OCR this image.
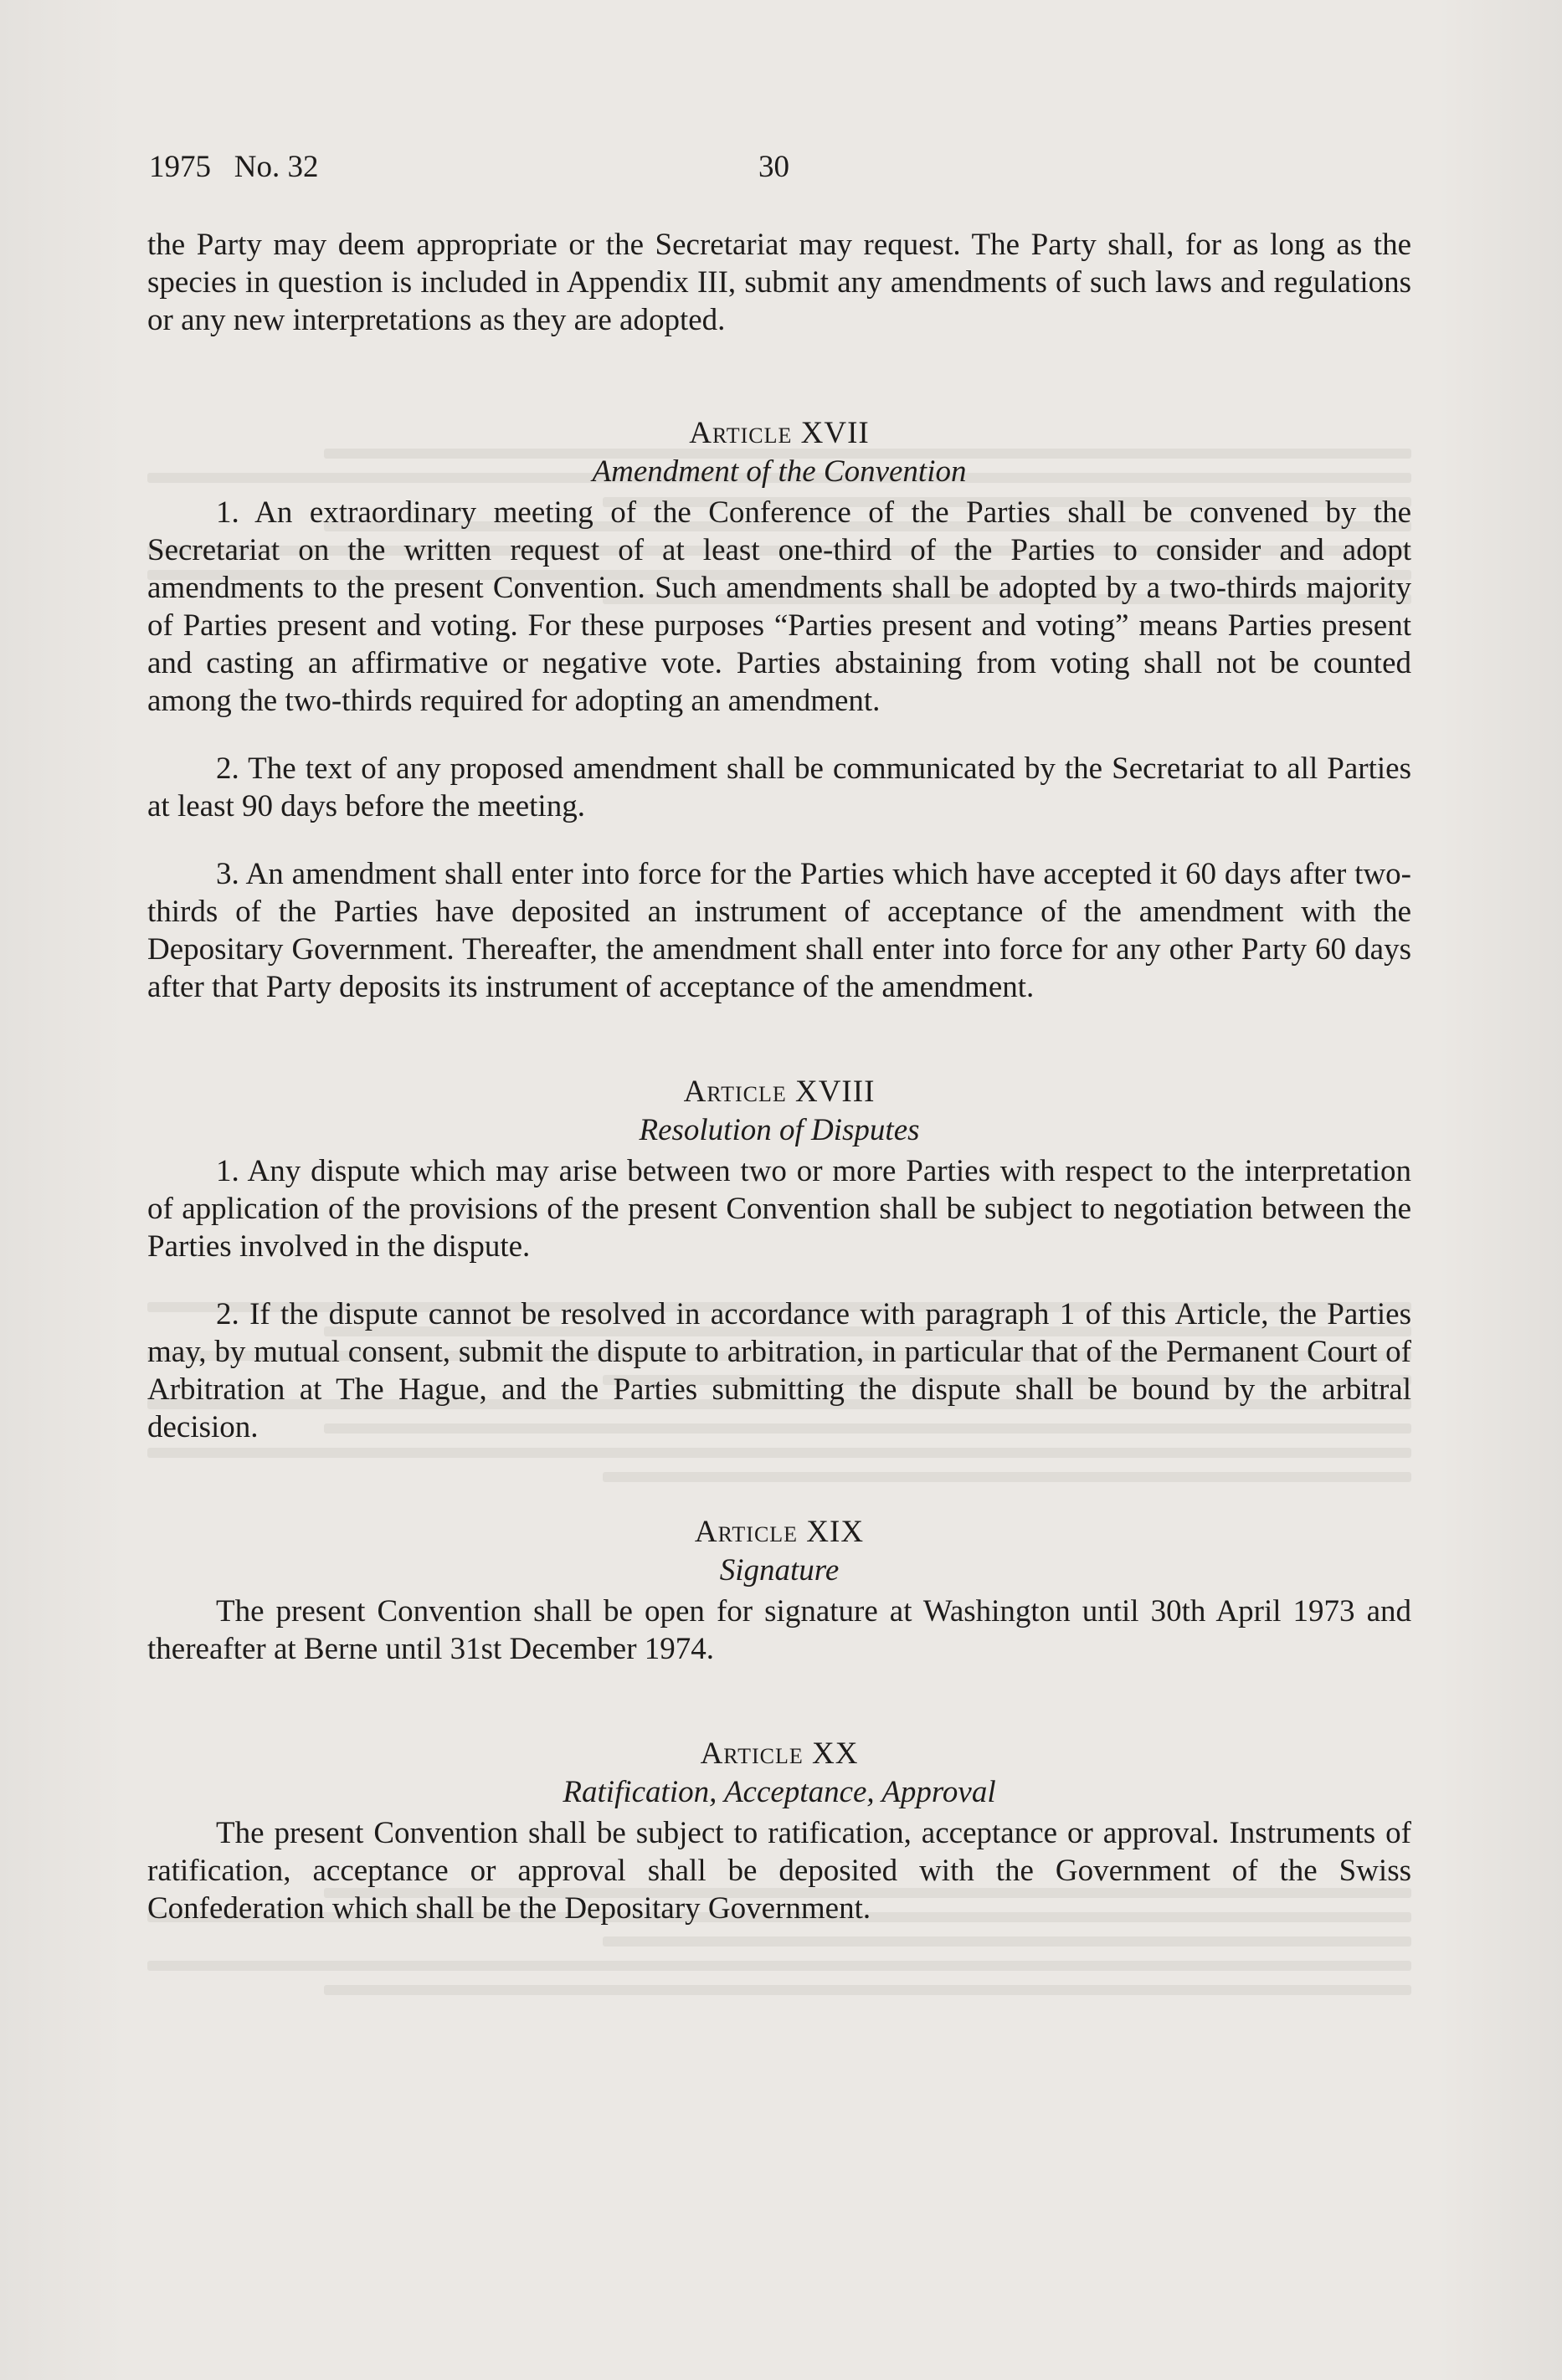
1975   No. 32	30

the Party may deem appropriate or the Secretariat may request. The Party shall, for as long as the species in question is included in Appendix III, submit any amendments of such laws and regulations or any new interpretations as they are adopted.

Article XVII
Amendment of the Convention

1. An extraordinary meeting of the Conference of the Parties shall be convened by the Secretariat on the written request of at least one-third of the Parties to consider and adopt amendments to the present Convention. Such amendments shall be adopted by a two-thirds majority of Parties present and voting. For these purposes “Parties present and voting” means Parties present and casting an affirmative or negative vote. Parties abstaining from voting shall not be counted among the two-thirds required for adopting an amendment.

2. The text of any proposed amendment shall be communicated by the Secretariat to all Parties at least 90 days before the meeting.

3. An amendment shall enter into force for the Parties which have accepted it 60 days after two-thirds of the Parties have deposited an instrument of acceptance of the amendment with the Depositary Government. Thereafter, the amendment shall enter into force for any other Party 60 days after that Party deposits its instrument of acceptance of the amendment.

Article XVIII
Resolution of Disputes

1. Any dispute which may arise between two or more Parties with respect to the interpretation of application of the provisions of the present Convention shall be subject to negotiation between the Parties involved in the dispute.

2. If the dispute cannot be resolved in accordance with paragraph 1 of this Article, the Parties may, by mutual consent, submit the dispute to arbitration, in particular that of the Permanent Court of Arbitration at The Hague, and the Parties submitting the dispute shall be bound by the arbitral decision.

Article XIX
Signature

The present Convention shall be open for signature at Washington until 30th April 1973 and thereafter at Berne until 31st December 1974.

Article XX
Ratification, Acceptance, Approval

The present Convention shall be subject to ratification, acceptance or approval. Instruments of ratification, acceptance or approval shall be deposited with the Government of the Swiss Confederation which shall be the Depositary Government.
